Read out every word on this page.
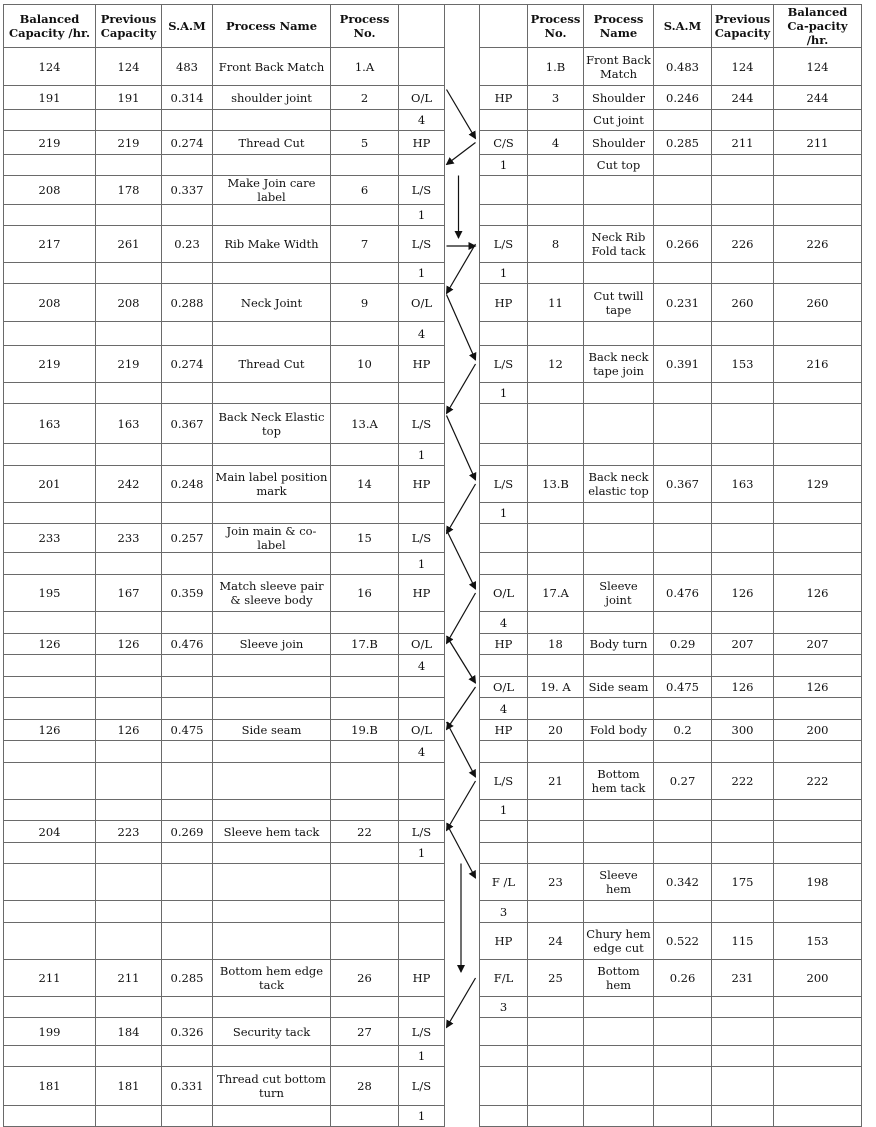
Balanced Capacity /hr.	Previous Capacity	S.A.M	Process Name	Process No.				Process No.	Process Name	S.A.M	Previous Capacity	Balanced Ca-pacity /hr.
124	124	483	Front Back Match	1.A				1.B	Front Back Match	0.483	124	124
191	191	0.314	shoulder joint	2	O/L		HP	3	Shoulder	0.246	244	244
					4				Cut joint			
219	219	0.274	Thread Cut	5	HP		C/S	4	Shoulder	0.285	211	211
							1		Cut top			
208	178	0.337	Make Join care label	6	L/S							
					1							
217	261	0.23	Rib Make Width	7	L/S		L/S	8	Neck Rib Fold tack	0.266	226	226
					1		1					
208	208	0.288	Neck Joint	9	O/L		HP	11	Cut twill tape	0.231	260	260
					4							
219	219	0.274	Thread Cut	10	HP		L/S	12	Back neck tape join	0.391	153	216
							1					
163	163	0.367	Back Neck Elastic top	13.A	L/S							
					1							
201	242	0.248	Main label position mark	14	HP		L/S	13.B	Back neck elastic top	0.367	163	129
							1					
233	233	0.257	Join main & co-label	15	L/S							
					1							
195	167	0.359	Match sleeve pair & sleeve body	16	HP		O/L	17.A	Sleeve joint	0.476	126	126
							4					
126	126	0.476	Sleeve join	17.B	O/L		HP	18	Body turn	0.29	207	207
					4							
							O/L	19. A	Side seam	0.475	126	126
							4					
126	126	0.475	Side seam	19.B	O/L		HP	20	Fold body	0.2	300	200
					4							
							L/S	21	Bottom hem tack	0.27	222	222
							1					
204	223	0.269	Sleeve hem tack	22	L/S							
					1							
							F /L	23	Sleeve hem	0.342	175	198
							3					
							HP	24	Chury hem edge cut	0.522	115	153
211	211	0.285	Bottom hem edge tack	26	HP		F/L	25	Bottom hem	0.26	231	200
							3					
199	184	0.326	Security tack	27	L/S							
					1							
181	181	0.331	Thread cut bottom turn	28	L/S							
					1							
